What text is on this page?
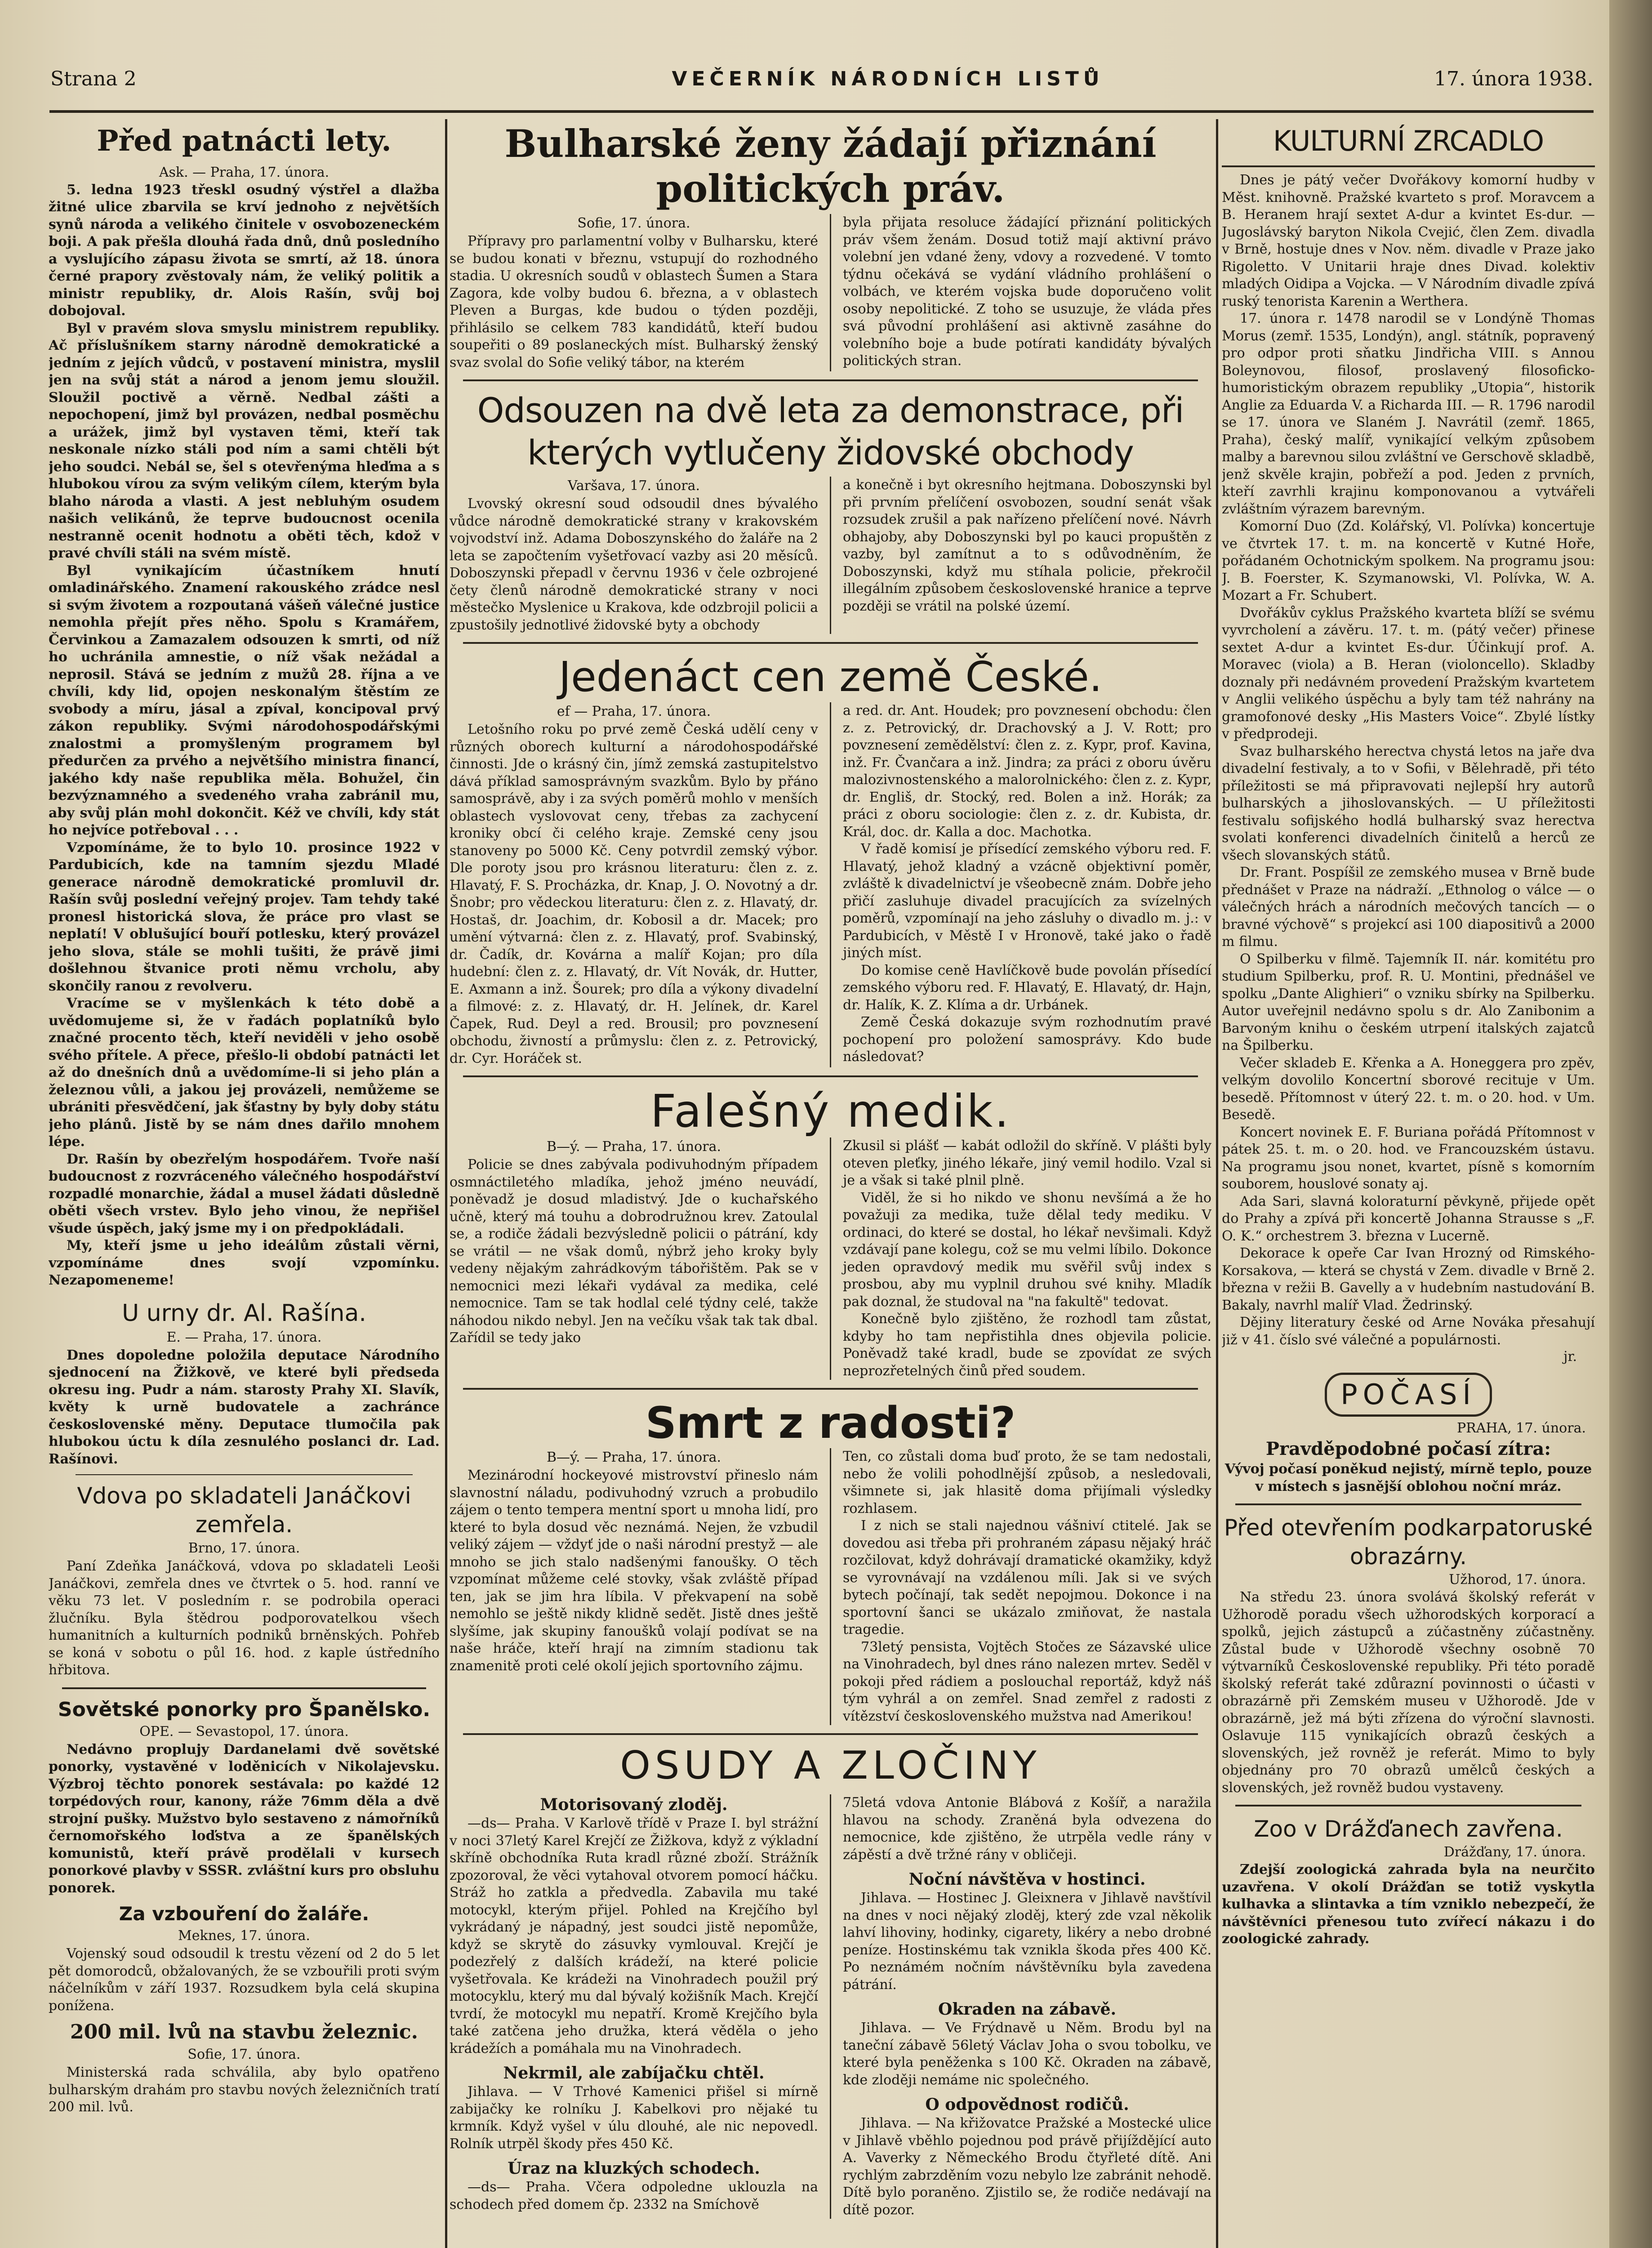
Strana 2	VEČERNÍK NÁRODNÍCH LISTŮ	17. února 1938.
Před patnácti lety.

Ask. — Praha, 17. února.

5. ledna 1923 třeskl osudný výstřel a dlažba žitné ulice zbarvila se krví jednoho z největších synů národa a velikého činitele v osvobozeneckém boji. A pak přešla dlouhá řada dnů, dnů posledního a vyslujícího zápasu života se smrtí, až 18. února černé prapory zvěstovaly nám, že veliký politik a ministr republiky, dr. Alois Rašín, svůj boj dobojoval.

Byl v pravém slova smyslu ministrem republiky. Ač příslušníkem starny národně demokratické a jedním z jejích vůdců, v postavení ministra, myslil jen na svůj stát a národ a jenom jemu sloužil. Sloužil poctivě a věrně. Nedbal zášti a nepochopení, jimž byl provázen, nedbal posměchu a urážek, jimž byl vystaven těmi, kteří tak neskonale nízko stáli pod ním a sami chtěli být jeho soudci. Nebál se, šel s otevřenýma hleďma a s hlubokou vírou za svým velikým cílem, kterým byla blaho národa a vlasti. A jest nebluhým osudem našich velikánů, že teprve budoucnost ocenila nestranně ocenit hodnotu a oběti těch, kdož v pravé chvíli stáli na svém místě.

Byl vynikajícím účastníkem hnutí omladinářského. Znamení rakouského zrádce nesl si svým životem a rozpoutaná vášeň válečné justice nemohla přejít přes něho. Spolu s Kramářem, Červinkou a Zamazalem odsouzen k smrti, od níž ho uchránila amnestie, o níž však nežádal a neprosil. Stává se jedním z mužů 28. října a ve chvíli, kdy lid, opojen neskonalým štěstím ze svobody a míru, jásal a zpíval, koncipoval prvý zákon republiky. Svými národohospodářskými znalostmi a promyšleným programem byl předurčen za prvého a největšího ministra financí, jakého kdy naše republika měla. Bohužel, čin bezvýznamného a svedeného vraha zabránil mu, aby svůj plán mohl dokončit. Kéž ve chvíli, kdy stát ho nejvíce potřeboval . . .

Vzpomínáme, že to bylo 10. prosince 1922 v Pardubicích, kde na tamním sjezdu Mladé generace národně demokratické promluvil dr. Rašín svůj poslední veřejný projev. Tam tehdy také pronesl historická slova, že práce pro vlast se neplatí! V oblušující bouří potlesku, který provázel jeho slova, stále se mohli tušiti, že právě jimi došlehnou štvanice proti němu vrcholu, aby skončily ranou z revolveru.

Vracíme se v myšlenkách k této době a uvědomujeme si, že v řadách poplatníků bylo značné procento těch, kteří neviděli v jeho osobě svého přítele. A přece, přešlo-li období patnácti let až do dnešních dnů a uvědomíme-li si jeho plán a železnou vůli, a jakou jej provázeli, nemůžeme se ubrániti přesvědčení, jak šťastny by byly doby státu jeho plánů. Jistě by se nám dnes dařilo mnohem lépe.

Dr. Rašín by obezřelým hospodářem. Tvoře naší budoucnost z rozvráceného válečného hospodářství rozpadlé monarchie, žádal a musel žádati důsledně oběti všech vrstev. Bylo jeho vinou, že nepřišel všude úspěch, jaký jsme my i on předpokládali.

My, kteří jsme u jeho ideálům zůstali věrni, vzpomínáme dnes svojí vzpomínku. Nezapomeneme!

U urny dr. Al. Rašína.
E. — Praha, 17. února.

Dnes dopoledne položila deputace Národního sjednocení na Žižkově, ve které byli předseda okresu ing. Pudr a nám. starosty Prahy XI. Slavík, květy k urně budovatele a zachránce československé měny. Deputace tlumočila pak hlubokou úctu k díla zesnulého poslanci dr. Lad. Rašínovi.

Vdova po skladateli Janáčkovi zemřela.
Brno, 17. února.

Paní Zdeňka Janáčková, vdova po skladateli Leoši Janáčkovi, zemřela dnes ve čtvrtek o 5. hod. ranní ve věku 73 let. V posledním r. se podrobila operaci žlučníku. Byla štědrou podporovatelkou všech humanitních a kulturních podniků brněnských. Pohřeb se koná v sobotu o půl 16. hod. z kaple ústředního hřbitova.

Sovětské ponorky pro Španělsko.
OPE. — Sevastopol, 17. února.

Nedávno proplujy Dardanelami dvě sovětské ponorky, vystavěné v loděnicích v Nikolajevsku. Výzbroj těchto ponorek sestávala: po každé 12 torpédových rour, kanony, ráže 76mm děla a dvě strojní pušky. Mužstvo bylo sestaveno z námořníků černomořského loďstva a ze španělských komunistů, kteří právě prodělali v kursech ponorkové plavby v SSSR. zvláštní kurs pro obsluhu ponorek.

Za vzbouření do žaláře.
Meknes, 17. února.

Vojenský soud odsoudil k trestu vězení od 2 do 5 let pět domorodců, obžalovaných, že se vzbouřili proti svým náčelníkům v září 1937. Rozsudkem byla celá skupina ponížena.

200 mil. lvů na stavbu železnic.
Sofie, 17. února.

Ministerská rada schválila, aby bylo opatřeno bulharským drahám pro stavbu nových železničních tratí 200 mil. lvů.

Bulharské ženy žádají přiznání politických práv.
Sofie, 17. února.

Přípravy pro parlamentní volby v Bulharsku, které se budou konati v březnu, vstupují do rozhodného stadia. U okresních soudů v oblastech Šumen a Stara Zagora, kde volby budou 6. března, a v oblastech Pleven a Burgas, kde budou o týden později, přihlásilo se celkem 783 kandidátů, kteří budou soupeřiti o 89 poslaneckých míst. Bulharský ženský svaz svolal do Sofie veliký tábor, na kterém

byla přijata resoluce žádající přiznání politických práv všem ženám. Dosud totiž mají aktivní právo volební jen vdané ženy, vdovy a rozvedené. V tomto týdnu očekává se vydání vládního prohlášení o volbách, ve kterém vojska bude doporučeno volit osoby nepolitické. Z toho se usuzuje, že vláda přes svá původní prohlášení asi aktivně zasáhne do volebního boje a bude potírati kandidáty bývalých politických stran.

Odsouzen na dvě leta za demonstrace, při kterých vytlučeny židovské obchody
Varšava, 17. února.

Lvovský okresní soud odsoudil dnes bývalého vůdce národně demokratické strany v krakovském vojvodství inž. Adama Doboszynského do žaláře na 2 leta se započtením vyšetřovací vazby asi 20 měsíců. Doboszynski přepadl v červnu 1936 v čele ozbrojené čety členů národně demokratické strany v noci městečko Myslenice u Krakova, kde odzbrojil policii a zpustošily jednotlivé židovské byty a obchody

a konečně i byt okresního hejtmana. Doboszynski byl při prvním přelíčení osvobozen, soudní senát však rozsudek zrušil a pak nařízeno přelíčení nové. Návrh obhajoby, aby Doboszynski byl po kauci propuštěn z vazby, byl zamítnut a to s odůvodněním, že Doboszynski, když mu stíhala policie, překročil illegálním způsobem československé hranice a teprve později se vrátil na polské území.

Jedenáct cen země České.
ef — Praha, 17. února.

Letošního roku po prvé země Česká udělí ceny v různých oborech kulturní a národohospodářské činnosti. Jde o krásný čin, jímž zemská zastupitelstvo dává příklad samosprávným svazkům. Bylo by přáno samosprávě, aby i za svých poměrů mohlo v menších oblastech vyslovovat ceny, třebas za zachycení kroniky obcí či celého kraje. Zemské ceny jsou stanoveny po 5000 Kč. Ceny potvrdil zemský výbor. Dle poroty jsou pro krásnou literaturu: člen z. z. Hlavatý, F. S. Procházka, dr. Knap, J. O. Novotný a dr. Šnobr; pro vědeckou literaturu: člen z. z. Hlavatý, dr. Hostaš, dr. Joachim, dr. Kobosil a dr. Macek; pro umění výtvarná: člen z. z. Hlavatý, prof. Svabinský, dr. Čadík, dr. Kovárna a malíř Kojan; pro díla hudební: člen z. z. Hlavatý, dr. Vít Novák, dr. Hutter, E. Axmann a inž. Šourek; pro díla a výkony divadelní a filmové: z. z. Hlavatý, dr. H. Jelínek, dr. Karel Čapek, Rud. Deyl a red. Brousil; pro povznesení obchodu, živností a průmyslu: člen z. z. Petrovický, dr. Cyr. Horáček st.

a red. dr. Ant. Houdek; pro povznesení obchodu: člen z. z. Petrovický, dr. Drachovský a J. V. Rott; pro povznesení zemědělství: člen z. z. Kypr, prof. Kavina, inž. Fr. Čvančara a inž. Jindra; za práci z oboru úvěru malozivnostenského a malorolnického: člen z. z. Kypr, dr. Engliš, dr. Stocký, red. Bolen a inž. Horák; za práci z oboru sociologie: člen z. z. dr. Kubista, dr. Král, doc. dr. Kalla a doc. Machotka.

V řadě komisí je přísedící zemského výboru red. F. Hlavatý, jehož kladný a vzácně objektivní poměr, zvláště k divadelnictví je všeobecně znám. Dobře jeho přičí zasluhuje divadel pracujících za svízelných poměrů, vzpomínají na jeho zásluhy o divadlo m. j.: v Pardubicích, v Městě I v Hronově, také jako o řadě jiných míst.

Do komise ceně Havlíčkově bude povolán přísedící zemského výboru red. F. Hlavatý, E. Hlavatý, dr. Hajn, dr. Halík, K. Z. Klíma a dr. Urbánek.

Země Česká dokazuje svým rozhodnutím pravé pochopení pro položení samosprávy. Kdo bude následovat?

Falešný medik.
B—ý. — Praha, 17. února.

Policie se dnes zabývala podivuhodným případem osmnáctiletého mladíka, jehož jméno neuvádí, poněvadž je dosud mladistvý. Jde o kuchařského učně, který má touhu a dobrodružnou krev. Zatoulal se, a rodiče žádali bezvýsledně policii o pátrání, kdy se vrátil — ne však domů, nýbrž jeho kroky byly vedeny nějakým zahrádkovým tábořištěm. Pak se v nemocnici mezi lékaři vydával za medika, celé nemocnice. Tam se tak hodlal celé týdny celé, takže náhodou nikdo nebyl. Jen na večíku však tak tak dbal. Zařídil se tedy jako

Zkusil si plášť — kabát odložil do skříně. V plášti byly oteven pleťky, jiného lékaře, jiný vemil hodilo. Vzal si je a však si také plnil plně.

Viděl, že si ho nikdo ve shonu nevšímá a že ho považuji za medika, tuže dělal tedy mediku. V ordinaci, do které se dostal, ho lékař nevšimali. Když vzdávají pane kolegu, což se mu velmi líbilo. Dokonce jeden opravdový medik mu svěřil svůj index s prosbou, aby mu vyplnil druhou své knihy. Mladík pak doznal, že studoval na "na fakultě" tedovat.

Konečně bylo zjištěno, že rozhodl tam zůstat, kdyby ho tam nepřistihla dnes objevila policie. Poněvadž také kradl, bude se zpovídat ze svých neprozřetelných činů před soudem.

Smrt z radosti?
B—ý. — Praha, 17. února.

Mezinárodní hockeyové mistrovství přineslo nám slavnostní náladu, podivuhodný vzruch a probudilo zájem o tento tempera mentní sport u mnoha lidí, pro které to byla dosud věc neznámá. Nejen, že vzbudil veliký zájem — vždyť jde o naši národní prestyž — ale mnoho se jich stalo nadšenými fanoušky. O těch vzpomínat můžeme celé stovky, však zvláště případ ten, jak se jim hra líbila. V překvapení na sobě nemohlo se ještě nikdy klidně sedět. Jistě dnes ještě slyšíme, jak skupiny fanoušků volají podívat se na naše hráče, kteří hrají na zimním stadionu tak znamenitě proti celé okolí jejich sportovního zájmu.

Ten, co zůstali doma buď proto, že se tam nedostali, nebo že volili pohodlnější způsob, a nesledovali, všimnete si, jak hlasitě doma přijímali výsledky rozhlasem.

I z nich se stali najednou vášniví ctitelé. Jak se dovedou asi třeba při prohraném zápasu nějaký hráč rozčilovat, když dohrávají dramatické okamžiky, když se vyrovnávají na vzdálenou míli. Jak si ve svých bytech počínají, tak sedět nepojmou. Dokonce i na sportovní šanci se ukázalo zmiňovat, že nastala tragedie.

73letý pensista, Vojtěch Stočes ze Sázavské ulice na Vinohradech, byl dnes ráno nalezen mrtev. Seděl v pokoji před rádiem a poslouchal reportáž, když náš tým vyhrál a on zemřel. Snad zemřel z radosti z vítězství československého mužstva nad Amerikou!

OSUDY A ZLOČINY
Motorisovaný zloděj.

—ds— Praha. V Karlově třídě v Praze I. byl strážní v noci 37letý Karel Krejčí ze Žižkova, když z výkladní skříně obchodníka Ruta kradl různé zboží. Strážník zpozoroval, že věci vytahoval otvorem pomocí háčku. Stráž ho zatkla a předvedla. Zabavila mu také motocykl, kterým přijel. Pohled na Krejčího byl vykrádaný je nápadný, jest soudci jistě nepomůže, když se skrytě do zásuvky vymlouval. Krejčí je podezřelý z dalších krádeží, na které policie vyšetřovala. Ke krádeži na Vinohradech použil prý motocyklu, který mu dal bývalý kožišník Mach. Krejčí tvrdí, že motocykl mu nepatří. Kromě Krejčího byla také zatčena jeho družka, která věděla o jeho krádežích a pomáhala mu na Vinohradech.

Nekrmil, ale zabíjačku chtěl.

Jihlava. — V Trhové Kamenici přišel si mírně zabijačky ke rolníku J. Kabelkovi pro nějaké tu krmník. Když vyšel v úlu dlouhé, ale nic nepovedl. Rolník utrpěl škody přes 450 Kč.

Úraz na kluzkých schodech.

—ds— Praha. Včera odpoledne uklouzla na schodech před domem čp. 2332 na Smíchově

75letá vdova Antonie Blábová z Košíř, a naražila hlavou na schody. Zraněná byla odvezena do nemocnice, kde zjištěno, že utrpěla vedle rány v zápěstí a dvě tržné rány v obličeji.

Noční návštěva v hostinci.

Jihlava. — Hostinec J. Gleixnera v Jihlavě navštívil na dnes v noci nějaký zloděj, který zde vzal několik lahví lihoviny, hodinky, cigarety, likéry a nebo drobné peníze. Hostinskému tak vznikla škoda přes 400 Kč. Po neznámém nočním návštěvníku byla zavedena pátrání.

Okraden na zábavě.

Jihlava. — Ve Frýdnavě u Něm. Brodu byl na taneční zábavě 56letý Václav Joha o svou tobolku, ve které byla peněženka s 100 Kč. Okraden na zábavě, kde zloději nemáme nic společného.

O odpovědnost rodičů.

Jihlava. — Na křižovatce Pražské a Mostecké ulice v Jihlavě vběhlo pojednou pod právě přijíždějící auto A. Vaverky z Německého Brodu čtyřleté dítě. Ani rychlým zabrzděním vozu nebylo lze zabránit nehodě. Dítě bylo poraněno. Zjistilo se, že rodiče nedávají na dítě pozor.

KULTURNÍ ZRCADLO

Dnes je pátý večer Dvořákovy komorní hudby v Měst. knihovně. Pražské kvarteto s prof. Moravcem a B. Heranem hrají sextet A-dur a kvintet Es-dur. — Jugoslávský baryton Nikola Cvejić, člen Zem. divadla v Brně, hostuje dnes v Nov. něm. divadle v Praze jako Rigoletto. V Unitarii hraje dnes Divad. kolektiv mladých Oidipa a Vojcka. — V Národním divadle zpívá ruský tenorista Karenin a Werthera.

17. února r. 1478 narodil se v Londýně Thomas Morus (zemř. 1535, Londýn), angl. státník, popravený pro odpor proti sňatku Jindřicha VIII. s Annou Boleynovou, filosof, proslavený filosoficko-humoristickým obrazem republiky „Utopia“, historik Anglie za Eduarda V. a Richarda III. — R. 1796 narodil se 17. února ve Slaném J. Navrátil (zemř. 1865, Praha), český malíř, vynikající velkým způsobem malby a barevnou silou zvláštní ve Gerschově skladbě, jenž skvěle krajin, pobřeží a pod. Jeden z prvních, kteří zavrhli krajinu komponovanou a vytvářeli zvláštním výrazem barevným.

Komorní Duo (Zd. Kolářský, Vl. Polívka) koncertuje ve čtvrtek 17. t. m. na koncertě v Kutné Hoře, pořádaném Ochotnickým spolkem. Na programu jsou: J. B. Foerster, K. Szymanowski, Vl. Polívka, W. A. Mozart a Fr. Schubert.

Dvořákův cyklus Pražského kvarteta blíží se svému vyvrcholení a závěru. 17. t. m. (pátý večer) přinese sextet A-dur a kvintet Es-dur. Účinkují prof. A. Moravec (viola) a B. Heran (violoncello). Skladby doznaly při nedávném provedení Pražským kvartetem v Anglii velikého úspěchu a byly tam též nahrány na gramofonové desky „His Masters Voice“. Zbylé lístky v předprodeji.

Svaz bulharského herectva chystá letos na jaře dva divadelní festivaly, a to v Sofii, v Bělehradě, při této příležitosti se má připravovati nejlepší hry autorů bulharských a jihoslovanských. — U příležitosti festivalu sofijského hodlá bulharský svaz herectva svolati konferenci divadelních činitelů a herců ze všech slovanských států.

Dr. Frant. Pospíšil ze zemského musea v Brně bude přednášet v Praze na nádraží. „Ethnolog o válce — o válečných hrách a národních mečových tancích — o bravné výchově“ s projekcí asi 100 diapositivů a 2000 m filmu.

O Spilberku v filmě. Tajemník II. nár. komitétu pro studium Spilberku, prof. R. U. Montini, přednášel ve spolku „Dante Alighieri“ o vzniku sbírky na Spilberku. Autor uveřejnil nedávno spolu s dr. Alo Zanibonim a Barvoným knihu o českém utrpení italských zajatců na Špilberku.

Večer skladeb E. Křenka a A. Honeggera pro zpěv, velkým dovolilo Koncertní sborové recituje v Um. besedě. Přítomnost v úterý 22. t. m. o 20. hod. v Um. Besedě.

Koncert novinek E. F. Buriana pořádá Přítomnost v pátek 25. t. m. o 20. hod. ve Francouzském ústavu. Na programu jsou nonet, kvartet, písně s komorním souborem, houslové sonaty aj.

Ada Sari, slavná koloraturní pěvkyně, přijede opět do Prahy a zpívá při koncertě Johanna Strausse s „F. O. K.“ orchestrem 3. března v Lucerně.

Dekorace k opeře Car Ivan Hrozný od Rimského-Korsakova, — která se chystá v Zem. divadle v Brně 2. března v režii B. Gavelly a v hudebním nastudování B. Bakaly, navrhl malíř Vlad. Žedrinský.

Dějiny literatury české od Arne Nováka přesahují již v 41. číslo své válečné a populárnosti.

jr.
POČASÍ
PRAHA, 17. února.
Pravděpodobné počasí zítra:

Vývoj počasí poněkud nejistý, mírně teplo, pouze v místech s jasnější oblohou noční mráz.

Před otevřením podkarpatoruské obrazárny.
Užhorod, 17. února.

Na středu 23. února svolává školský referát v Užhorodě poradu všech užhorodských korporací a spolků, jejich zástupců a zúčastněny zúčastněny. Zůstal bude v Užhorodě všechny osobně 70 výtvarníků Československé republiky. Při této poradě školský referát také zdůrazní povinnosti o účasti v obrazárně při Zemském museu v Užhorodě. Jde v obrazárně, jež má býti zřízena do výroční slavnosti. Oslavuje 115 vynikajících obrazů českých a slovenských, jež rovněž je referát. Mimo to byly objednány pro 70 obrazů umělců českých a slovenských, jež rovněž budou vystaveny.

Zoo v Drážďanech zavřena.
Drážďany, 17. února.

Zdejší zoologická zahrada byla na neurčito uzavřena. V okolí Drážďan se totiž vyskytla kulhavka a slintavka a tím vzniklo nebezpečí, že návštěvníci přenesou tuto zvířecí nákazu i do zoologické zahrady.
